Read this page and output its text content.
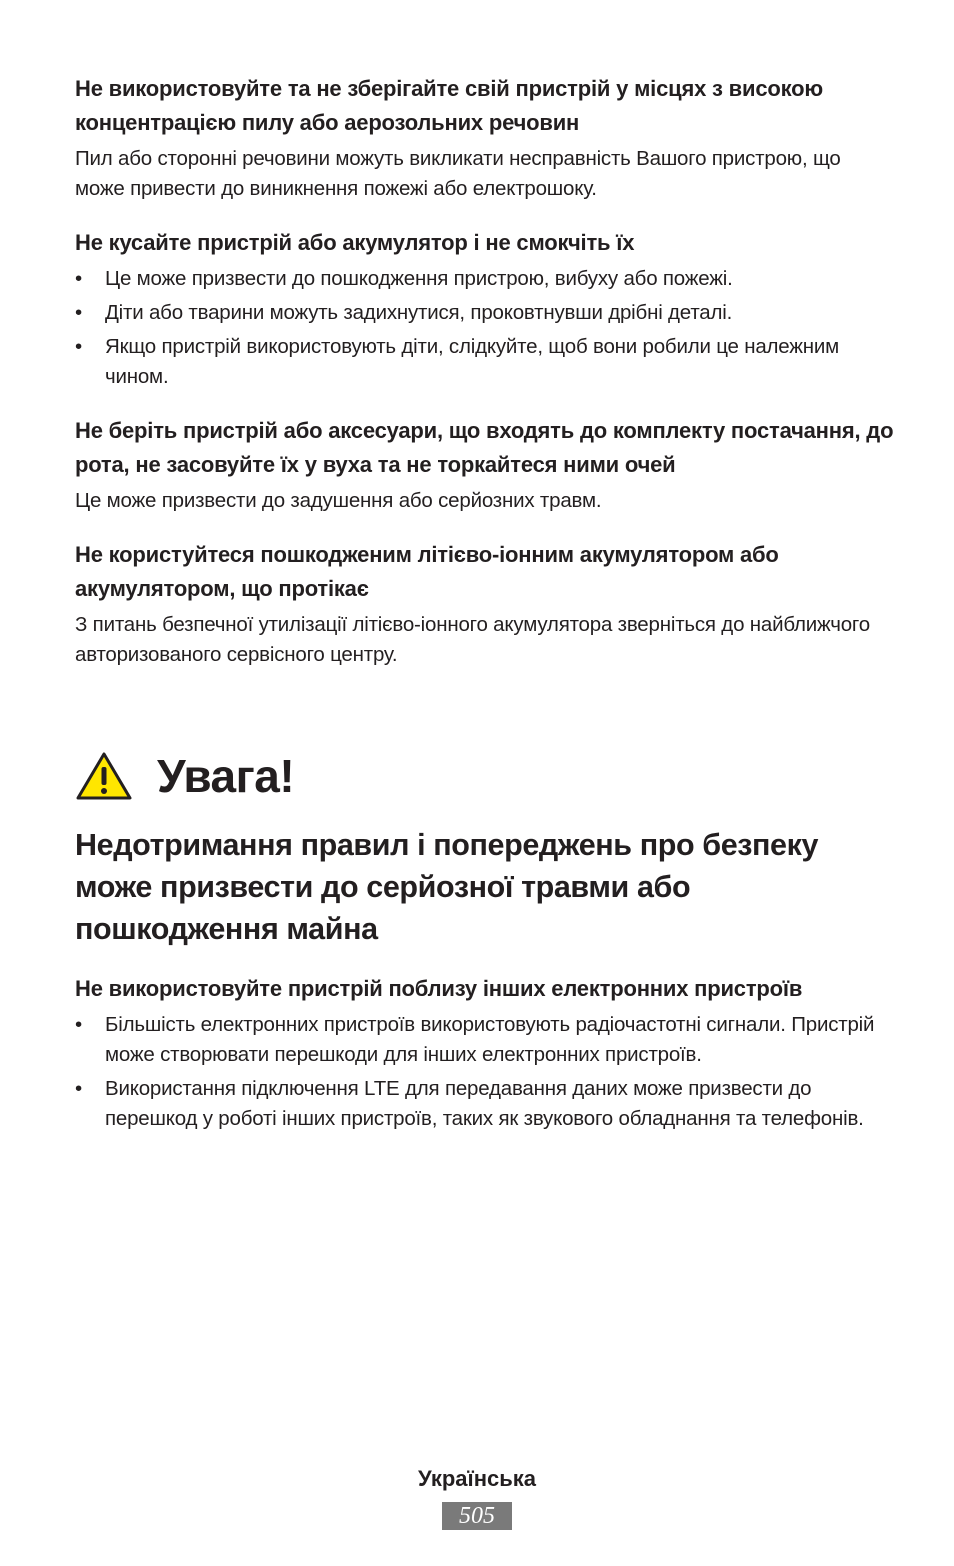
Не використовуйте та не зберігайте свій пристрій у місцях з високою концентрацією пилу або аерозольних речовин

Пил або сторонні речовини можуть викликати несправність Вашого пристрою, що може привести до виникнення пожежі або електрошоку.

Не кусайте пристрій або акумулятор і не смокчіть їх

•	Це може призвести до пошкодження пристрою, вибуху або пожежі.
•	Діти або тварини можуть задихнутися, проковтнувши дрібні деталі.
•	Якщо пристрій використовують діти, слідкуйте, щоб вони робили це належним чином.

Не беріть пристрій або аксесуари, що входять до комплекту постачання, до рота, не засовуйте їх у вуха та не торкайтеся ними очей

Це може призвести до задушення або серйозних травм.

Не користуйтеся пошкодженим літієво-іонним акумулятором або акумулятором, що протікає

З питань безпечної утилізації літієво-іонного акумулятора зверніться до найближчого авторизованого сервісного центру.

Увага!

Недотримання правил і попереджень про безпеку може призвести до серйозної травми або пошкодження майна

Не використовуйте пристрій поблизу інших електронних пристроїв

•	Більшість електронних пристроїв використовують радіочастотні сигнали. Пристрій може створювати перешкоди для інших електронних пристроїв.
•	Використання підключення LTE для передавання даних може призвести до перешкод у роботі інших пристроїв, таких як звукового обладнання та телефонів.
Українська
505
